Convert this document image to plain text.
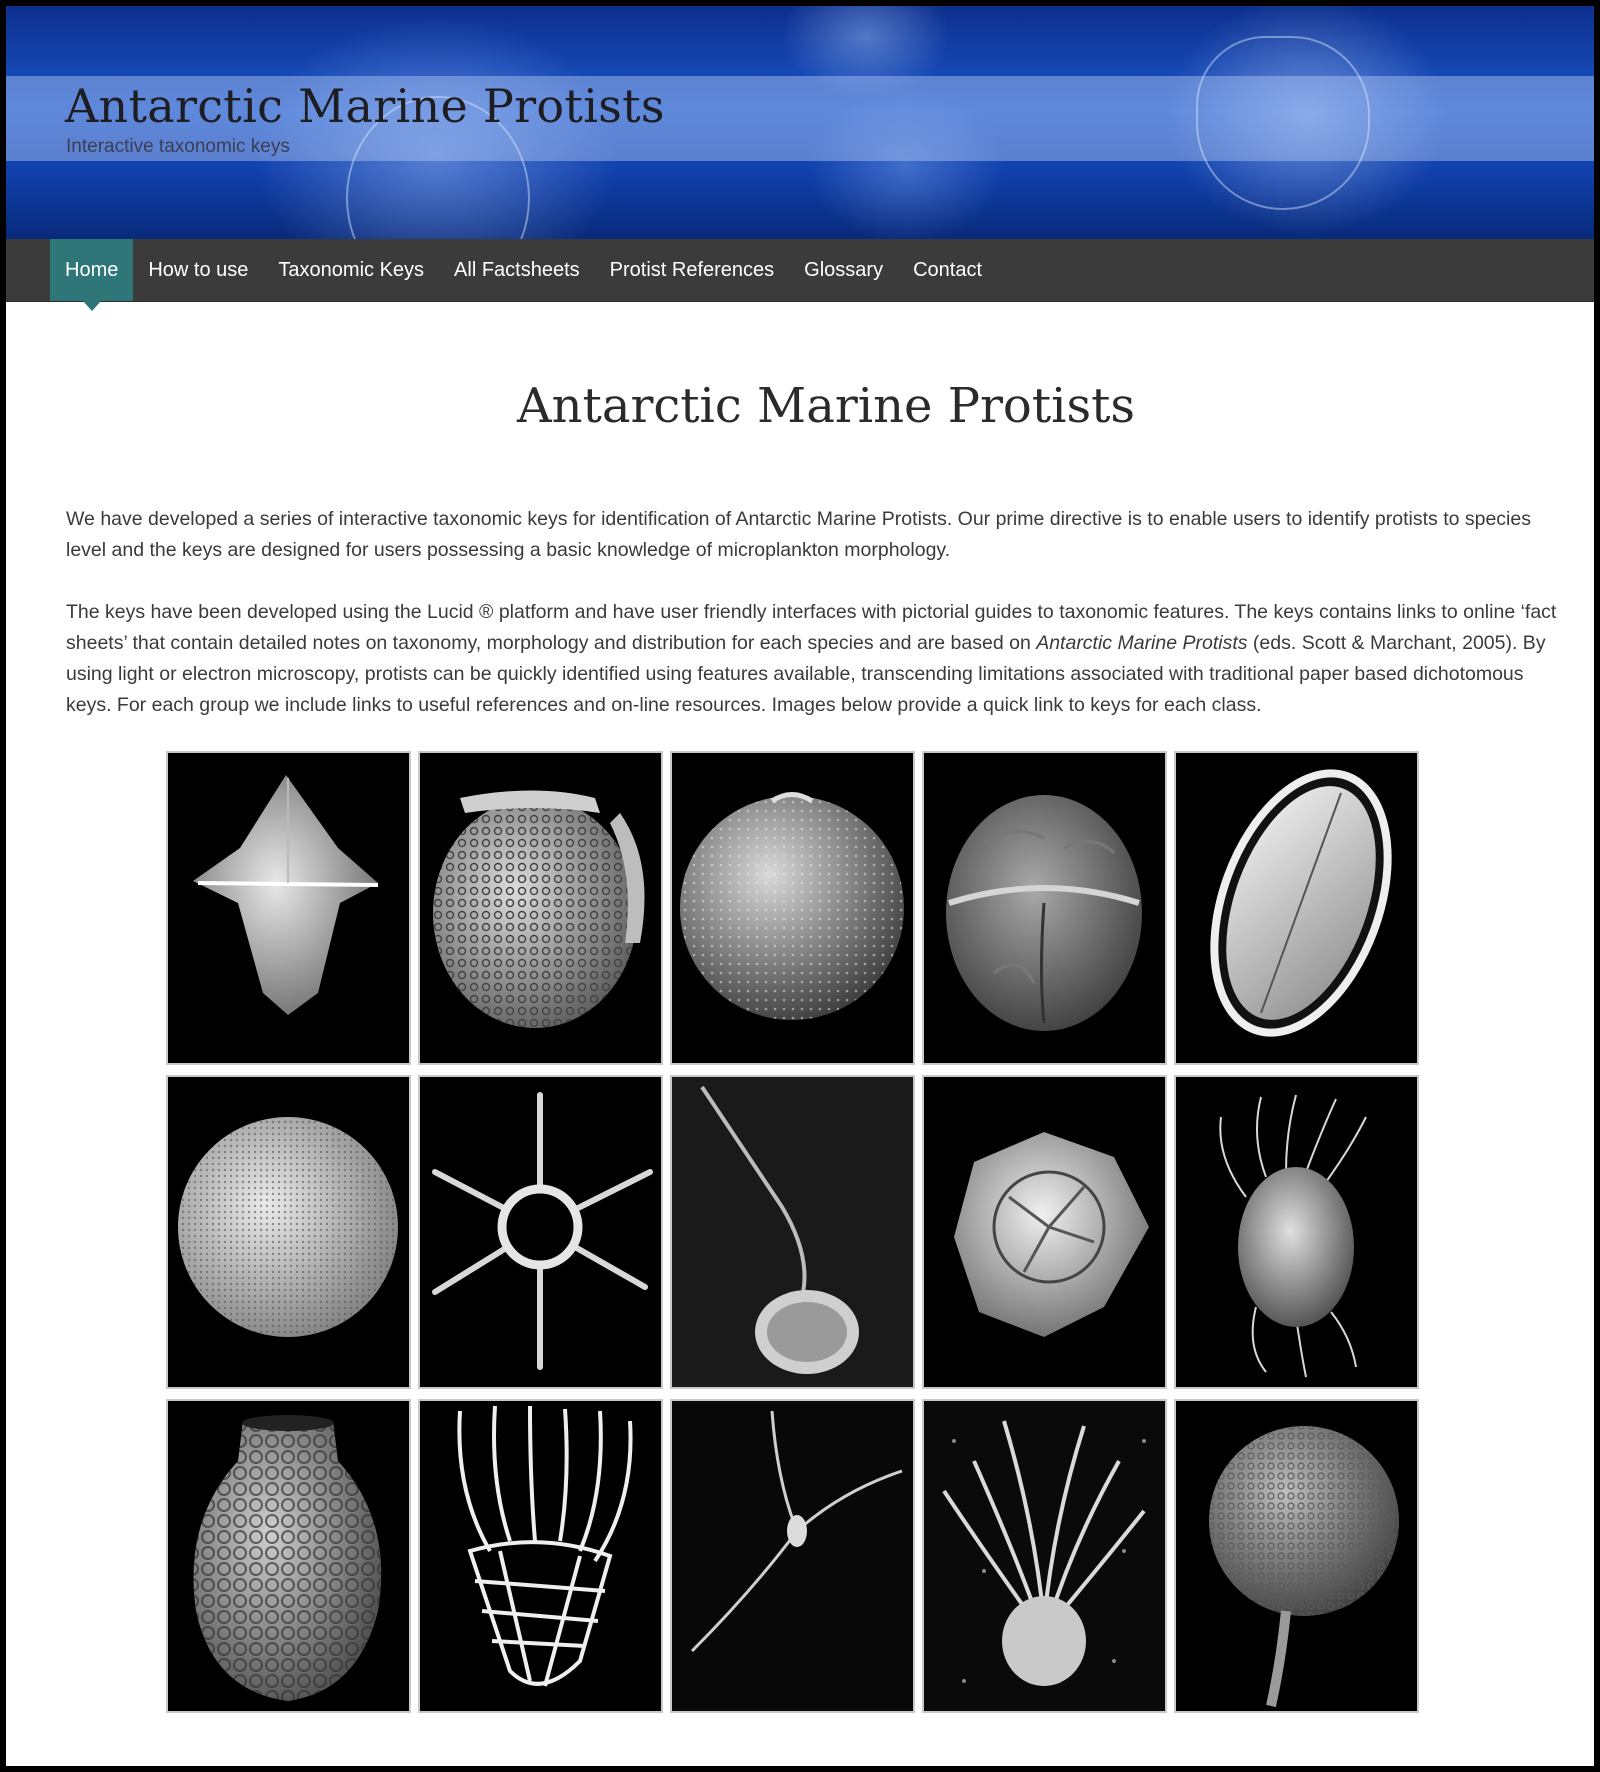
Antarctic Marine Protists
Interactive taxonomic keys
Home	How to use	Taxonomic Keys	All Factsheets	Protist References	Glossary	Contact
Antarctic Marine Protists

We have developed a series of interactive taxonomic keys for identification of Antarctic Marine Protists. Our prime directive is to enable users to identify protists to species level and the keys are designed for users possessing a basic knowledge of microplankton morphology.

The keys have been developed using the Lucid ® platform and have user friendly interfaces with pictorial guides to taxonomic features. The keys contains links to online ‘fact sheets’ that contain detailed notes on taxonomy, morphology and distribution for each species and are based on Antarctic Marine Protists (eds. Scott & Marchant, 2005). By using light or electron microscopy, protists can be quickly identified using features available, transcending limitations associated with traditional paper based dichotomous keys. For each group we include links to useful references and on-line resources. Images below provide a quick link to keys for each class.
